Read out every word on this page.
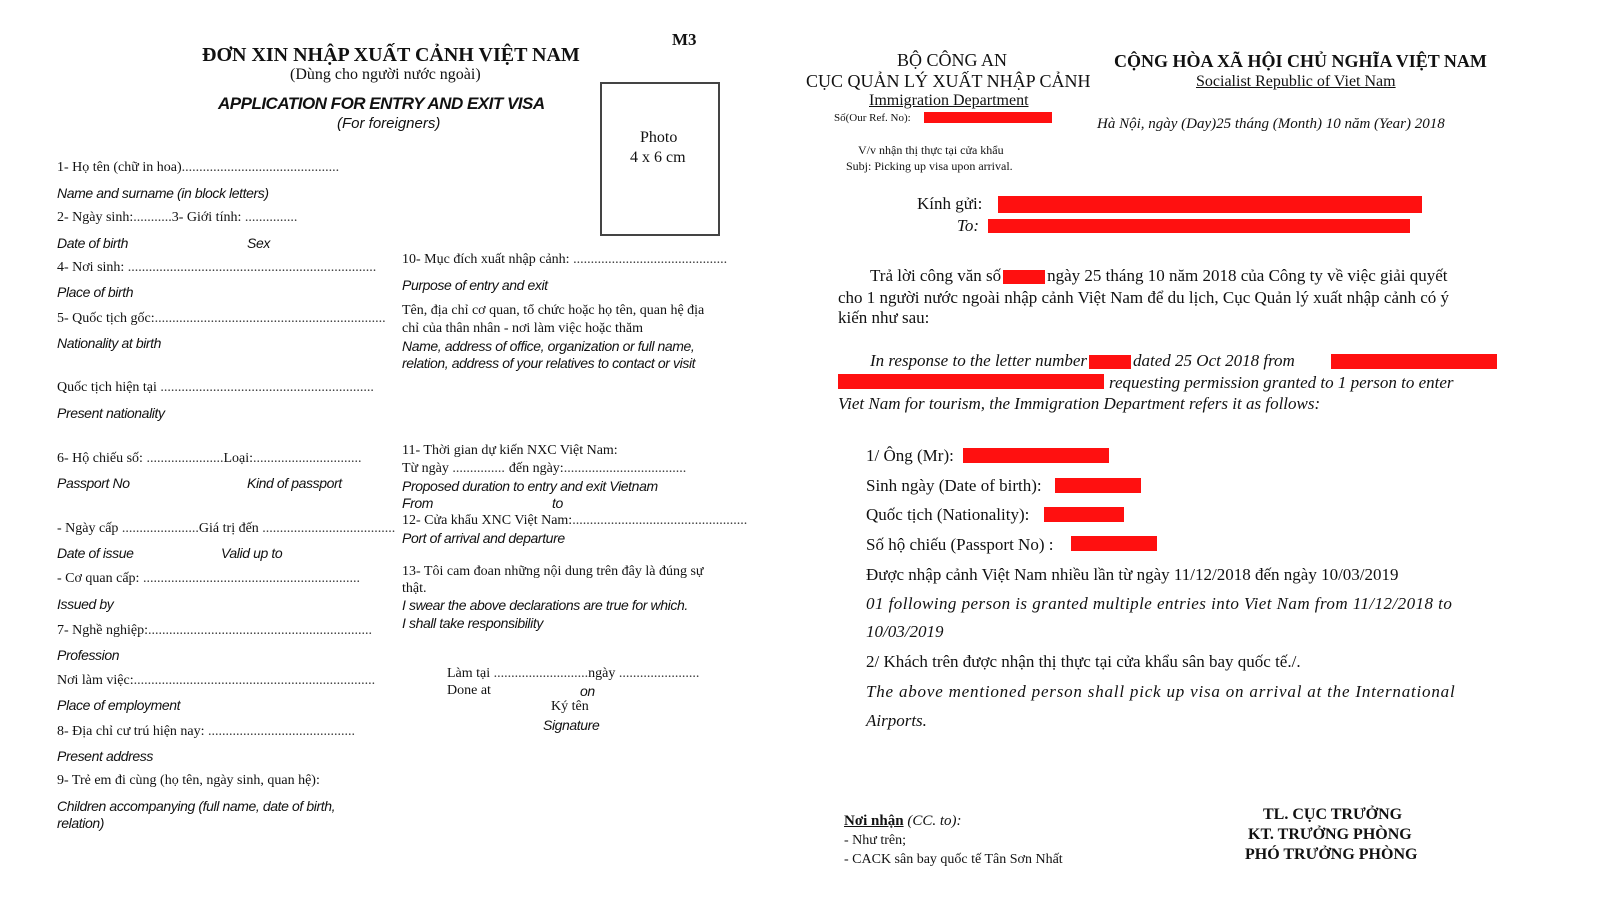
M3
ĐƠN XIN NHẬP XUẤT CẢNH VIỆT NAM
(Dùng cho người nước ngoài)
APPLICATION FOR ENTRY AND EXIT VISA
(For foreigners)
Photo
4 x 6 cm
1- Họ tên (chữ in hoa).............................................
Name and surname (in block letters)
2- Ngày sinh:...........3- Giới tính: ...............
Date of birth	Sex
4- Nơi sinh: .......................................................................
Place of birth
5- Quốc tịch gốc:..................................................................
Nationality at birth
Quốc tịch hiện tại .............................................................
Present nationality
6- Hộ chiếu số: ......................Loại:...............................
Passport No	Kind of passport
- Ngày cấp ......................Giá trị đến ......................................
Date of issue	Valid up to
- Cơ quan cấp: ..............................................................
Issued by
7- Nghề nghiệp:................................................................
Profession
Nơi làm việc:.....................................................................
Place of employment
8- Địa chỉ cư trú hiện nay: ..........................................
Present address
9- Trẻ em đi cùng (họ tên, ngày sinh, quan hệ):
Children accompanying (full name, date of birth,
relation)
10- Mục đích xuất nhập cảnh: ............................................
Purpose of entry and exit
Tên, địa chỉ cơ quan, tổ chức hoặc họ tên, quan hệ địa
chỉ của thân nhân - nơi làm việc hoặc thăm
Name, address of office, organization or full name,
relation, address of your relatives to contact or visit
11- Thời gian dự kiến NXC Việt Nam:
Từ ngày ............... đến ngày:...................................
Proposed duration to entry and exit Vietnam
From	to
12- Cửa khẩu XNC Việt Nam:..................................................
Port of arrival and departure
13- Tôi cam đoan những nội dung trên đây là đúng sự
thật.
I swear the above declarations are true for which.
I shall take responsibility
Làm tại ...........................ngày .......................
Done at	on
Ký tên
Signature
BỘ CÔNG AN
CỤC QUẢN LÝ XUẤT NHẬP CẢNH
Immigration Department
Số(Our Ref. No):
CỘNG HÒA XÃ HỘI CHỦ NGHĨA VIỆT NAM
Socialist Republic of Viet Nam
Hà Nội, ngày (Day)25 tháng (Month) 10 năm (Year) 2018
V/v nhận thị thực tại cửa khẩu
Subj: Picking up visa upon arrival.
Kính gửi:
To:
Trả lời công văn số	ngày 25 tháng 10 năm 2018 của Công ty về việc giải quyết
cho 1 người nước ngoài nhập cảnh Việt Nam để du lịch, Cục Quản lý xuất nhập cảnh có ý
kiến như sau:
In response to the letter number	dated 25 Oct 2018 from
requesting permission granted to 1 person to enter
Viet Nam for tourism, the Immigration Department refers it as follows:
1/ Ông (Mr):
Sinh ngày (Date of birth):
Quốc tịch (Nationality):
Số hộ chiếu (Passport No) :
Được nhập cảnh Việt Nam nhiều lần từ ngày 11/12/2018 đến ngày 10/03/2019
01 following person is granted multiple entries into Viet Nam from 11/12/2018 to
10/03/2019
2/ Khách trên được nhận thị thực tại cửa khẩu sân bay quốc tế./.
The above mentioned person shall pick up visa on arrival at the International
Airports.
Nơi nhận (CC. to):
- Như trên;
- CACK sân bay quốc tế Tân Sơn Nhất
TL. CỤC TRƯỞNG
KT. TRƯỞNG PHÒNG
PHÓ TRƯỞNG PHÒNG
